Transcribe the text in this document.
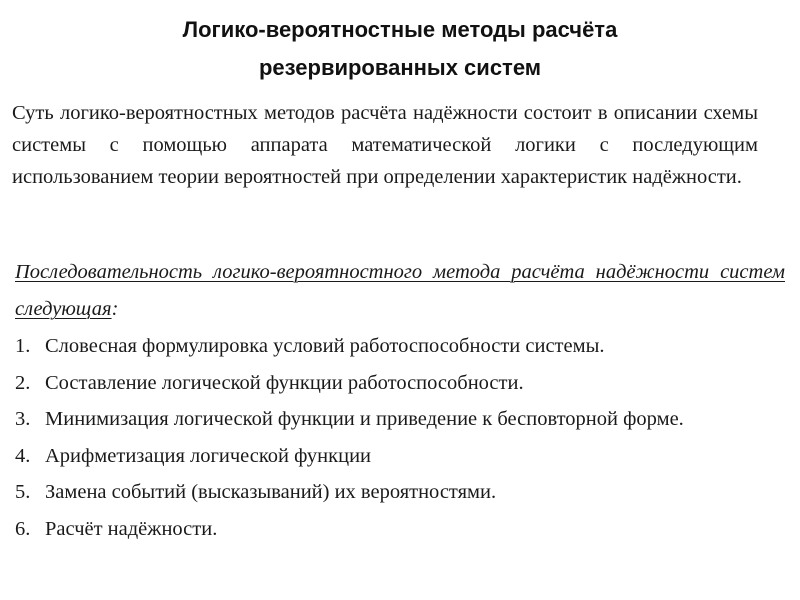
Логико-вероятностные методы расчёта
резервированных систем
Суть логико-вероятностных методов расчёта надёжности состоит в описании схемы системы с помощью аппарата математической логики с последующим использованием теории вероятностей при определении характеристик надёжности.
Последовательность логико-вероятностного метода расчёта надёжности систем следующая:
1. Словесная формулировка условий работоспособности системы.
2. Составление логической функции работоспособности.
3. Минимизация логической функции и приведение к бесповторной форме.
4. Арифметизация логической функции
5. Замена событий (высказываний) их вероятностями.
6. Расчёт надёжности.
